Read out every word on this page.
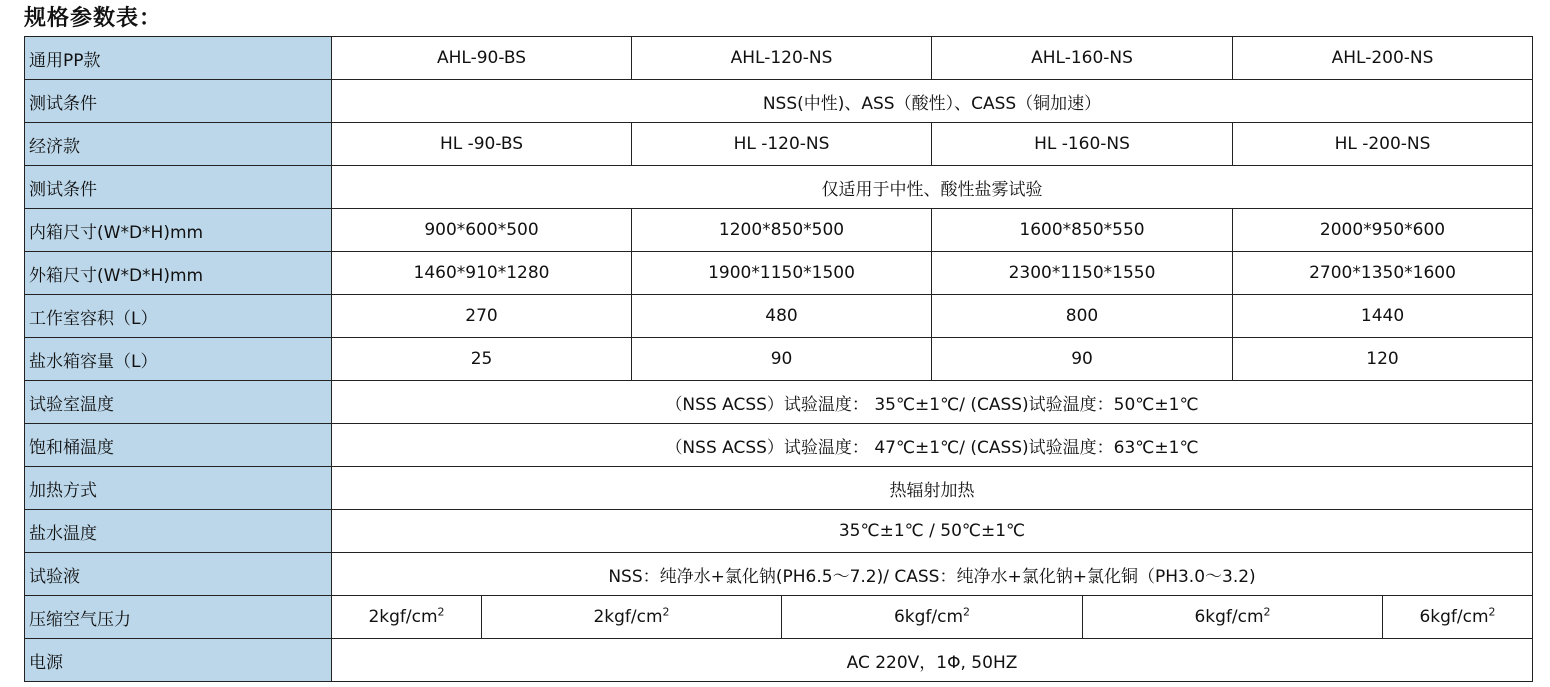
规格参数表：
通用PP款	AHL-90-BS		AHL-120-NS		AHL-160-NS		AHL-200-NS	
测试条件	NSS(中性)、ASS（酸性）、CASS（铜加速）							
经济款	HL -90-BS		HL -120-NS		HL -160-NS		HL -200-NS	
测试条件	仅适用于中性、酸性盐雾试验							
内箱尺寸(W*D*H)mm	900*600*500		1200*850*500		1600*850*550		2000*950*600	
外箱尺寸(W*D*H)mm	1460*910*1280		1900*1150*1500		2300*1150*1550		2700*1350*1600	
工作室容积（L）	270		480		800		1440	
盐水箱容量（L）	25		90		90		120	
试验室温度	（NSS ACSS）试验温度： 35℃±1℃/ (CASS)试验温度：50℃±1℃							
饱和桶温度	（NSS ACSS）试验温度： 47℃±1℃/ (CASS)试验温度：63℃±1℃							
加热方式	热辐射加热							
盐水温度	35℃±1℃ / 50℃±1℃							
试验液	NSS：纯净水+氯化钠(PH6.5～7.2)/ CASS：纯净水+氯化钠+氯化铜（PH3.0～3.2)							
压缩空气压力	$2kgf/cm^2$	$2kgf/cm^2$		$6kgf/cm^2$		$6kgf/cm^2$		$6kgf/cm^2$
电源	AC 220V，1Φ, 50HZ							
